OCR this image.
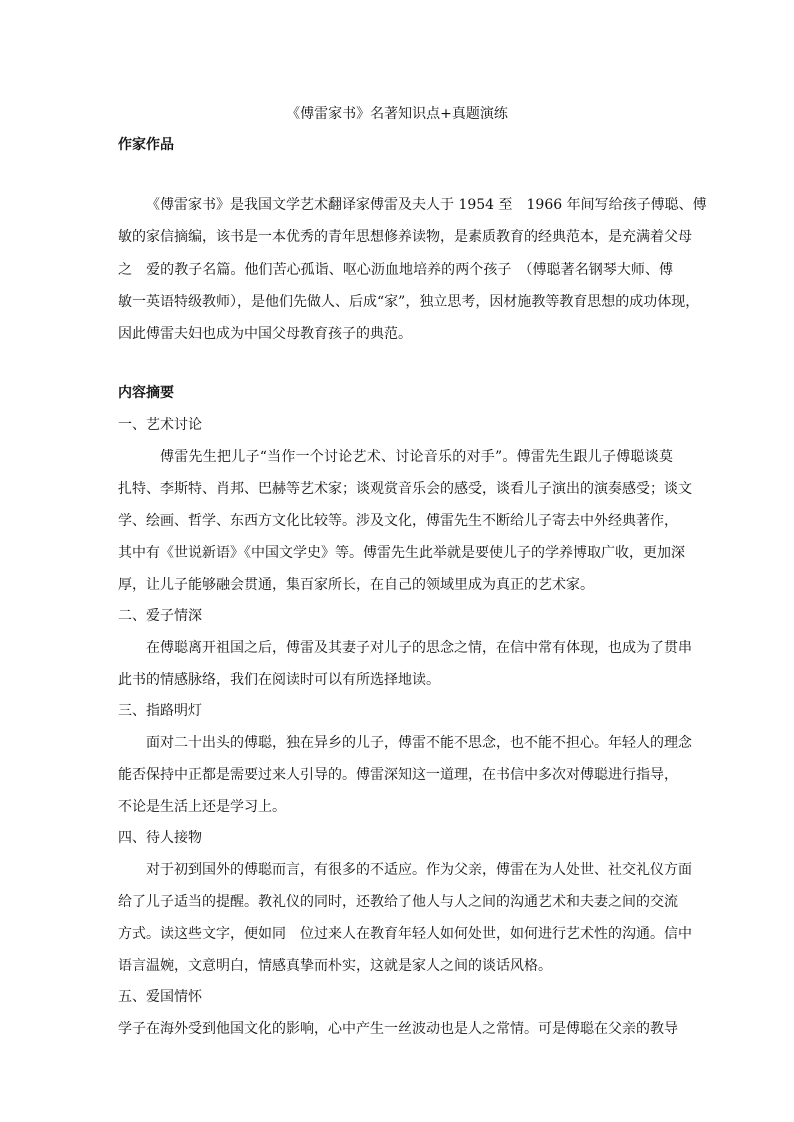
《傅雷家书》名著知识点+真题演练
作家作品
《傅雷家书》是我国文学艺术翻译家傅雷及夫人于 1954 至　1966 年间写给孩子傅聪、傅
敏的家信摘编，该书是一本优秀的青年思想修养读物，是素质教育的经典范本，是充满着父母
之　爱的教子名篇。他们苦心孤诣、呕心沥血地培养的两个孩子　（傅聪著名钢琴大师、傅
敏一英语特级教师），是他们先做人、后成“家”，独立思考，因材施教等教育思想的成功体现，
因此傅雷夫妇也成为中国父母教育孩子的典范。
内容摘要
一、艺术讨论
傅雷先生把儿子“当作一个讨论艺术、讨论音乐的对手”。傅雷先生跟儿子傅聪谈莫
扎特、李斯特、肖邦、巴赫等艺术家；谈观赏音乐会的感受，谈看儿子演出的演奏感受；谈文
学、绘画、哲学、东西方文化比较等。涉及文化，傅雷先生不断给儿子寄去中外经典著作，
其中有《世说新语》《中国文学史》等。傅雷先生此举就是要使儿子的学养博取广收，更加深
厚，让儿子能够融会贯通，集百家所长，在自己的领域里成为真正的艺术家。
二、爱子情深
在傅聪离开祖国之后，傅雷及其妻子对儿子的思念之情，在信中常有体现，也成为了贯串
此书的情感脉络，我们在阅读时可以有所选择地读。
三、指路明灯
面对二十出头的傅聪，独在异乡的儿子，傅雷不能不思念，也不能不担心。年轻人的理念
能否保持中正都是需要过来人引导的。傅雷深知这一道理，在书信中多次对傅聪进行指导，
不论是生活上还是学习上。
四、待人接物
对于初到国外的傅聪而言，有很多的不适应。作为父亲，傅雷在为人处世、社交礼仪方面
给了儿子适当的提醒。教礼仪的同时，还教给了他人与人之间的沟通艺术和夫妻之间的交流
方式。读这些文字，便如同　位过来人在教育年轻人如何处世，如何进行艺术性的沟通。信中
语言温婉，文意明白，情感真挚而朴实，这就是家人之间的谈话风格。
五、爱国情怀
学子在海外受到他国文化的影响，心中产生一丝波动也是人之常情。可是傅聪在父亲的教导
